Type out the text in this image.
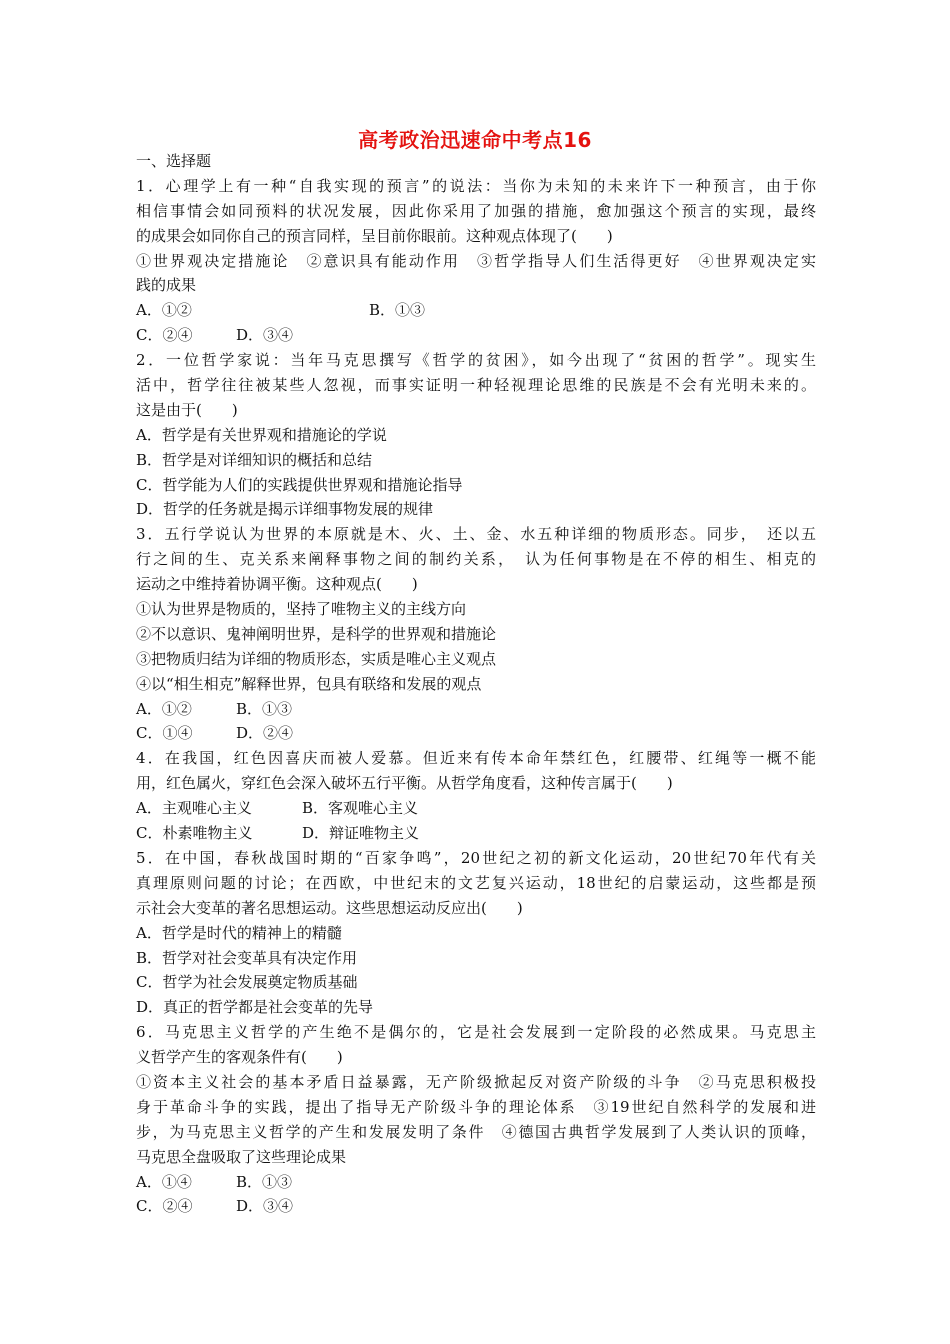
高考政治迅速命中考点16
一、选择题
1．心理学上有一种“自我实现的预言”的说法：当你为未知的未来许下一种预言，由于你
相信事情会如同预料的状况发展，因此你采用了加强的措施，愈加强这个预言的实现，最终
的成果会如同你自己的预言同样，呈目前你眼前。这种观点体现了(　　)
①世界观决定措施论　②意识具有能动作用　③哲学指导人们生活得更好　④世界观决定实
践的成果
A．①②	B．①③
C．②④	D．③④
2．一位哲学家说：当年马克思撰写《哲学的贫困》，如今出现了“贫困的哲学”。现实生
活中，哲学往往被某些人忽视，而事实证明一种轻视理论思维的民族是不会有光明未来的。
这是由于(　　)
A．哲学是有关世界观和措施论的学说
B．哲学是对详细知识的概括和总结
C．哲学能为人们的实践提供世界观和措施论指导
D．哲学的任务就是揭示详细事物发展的规律
3．五行学说认为世界的本原就是木、火、土、金、水五种详细的物质形态。同步，　还以五
行之间的生、克关系来阐释事物之间的制约关系，　认为任何事物是在不停的相生、相克的
运动之中维持着协调平衡。这种观点(　　)
①认为世界是物质的，坚持了唯物主义的主线方向
②不以意识、鬼神阐明世界，是科学的世界观和措施论
③把物质归结为详细的物质形态，实质是唯心主义观点
④以“相生相克”解释世界，包具有联络和发展的观点
A．①②	B．①③
C．①④	D．②④
4．在我国，红色因喜庆而被人爱慕。但近来有传本命年禁红色，红腰带、红绳等一概不能
用，红色属火，穿红色会深入破坏五行平衡。从哲学角度看，这种传言属于(　　)
A．主观唯心主义	B．客观唯心主义
C．朴素唯物主义	D．辩证唯物主义
5．在中国，春秋战国时期的“百家争鸣”，20世纪之初的新文化运动，20世纪70年代有关
真理原则问题的讨论；在西欧，中世纪末的文艺复兴运动，18世纪的启蒙运动，这些都是预
示社会大变革的著名思想运动。这些思想运动反应出(　　)
A．哲学是时代的精神上的精髓
B．哲学对社会变革具有决定作用
C．哲学为社会发展奠定物质基础
D．真正的哲学都是社会变革的先导
6．马克思主义哲学的产生绝不是偶尔的，它是社会发展到一定阶段的必然成果。马克思主
义哲学产生的客观条件有(　　)
①资本主义社会的基本矛盾日益暴露，无产阶级掀起反对资产阶级的斗争　②马克思积极投
身于革命斗争的实践，提出了指导无产阶级斗争的理论体系　③19世纪自然科学的发展和进
步，为马克思主义哲学的产生和发展发明了条件　④德国古典哲学发展到了人类认识的顶峰，
马克思全盘吸取了这些理论成果
A．①④	B．①③
C．②④	D．③④
